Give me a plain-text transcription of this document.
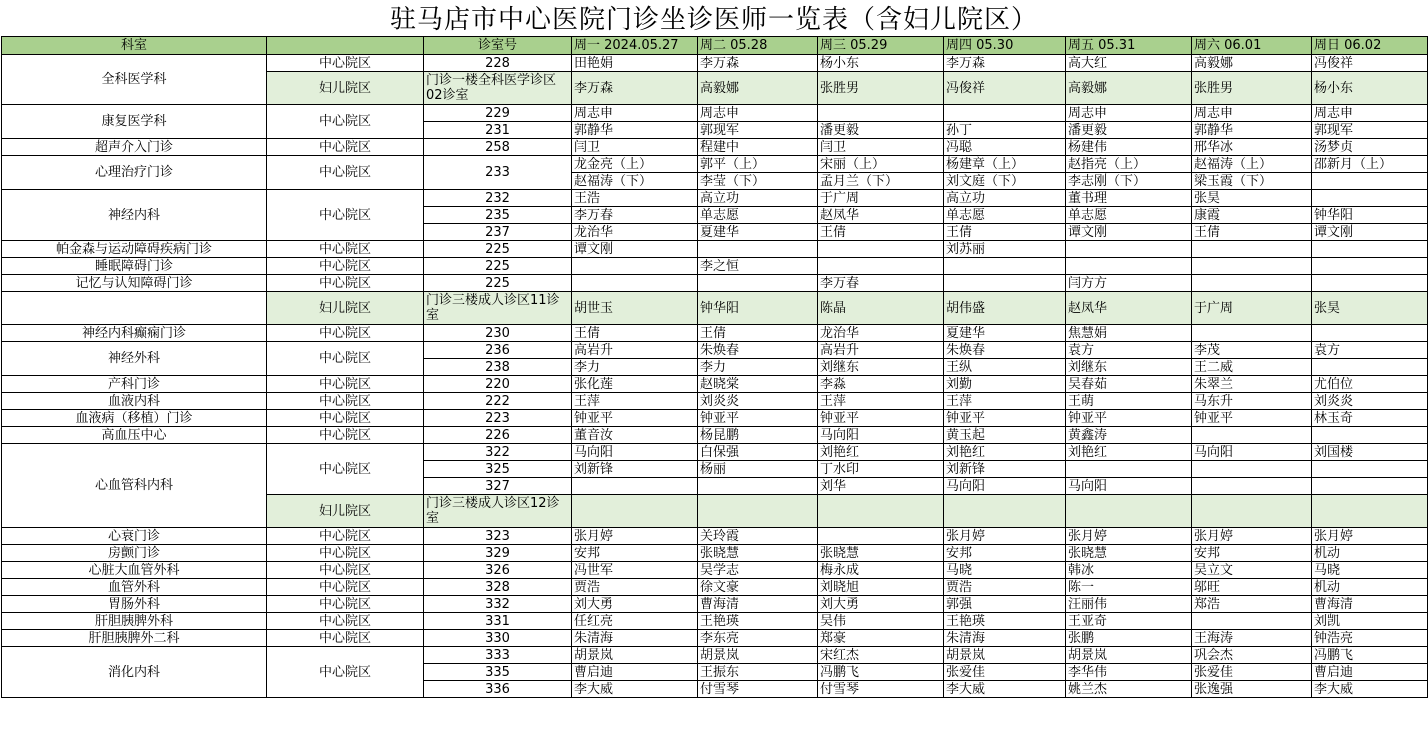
驻马店市中心医院门诊坐诊医师一览表（含妇儿院区）
科室		诊室号	周一 2024.05.27	周二 05.28	周三 05.29	周四 05.30	周五 05.31	周六 06.01	周日 06.02
全科医学科	中心院区	228	田艳娟	李万森	杨小东	李万森	高大红	高毅娜	冯俊祥
	妇儿院区	门诊一楼全科医学诊区02诊室	李万森	高毅娜	张胜男	冯俊祥	高毅娜	张胜男	杨小东
康复医学科	中心院区	229	周志申	周志申			周志申	周志申	周志申
		231	郭静华	郭现军	潘更毅	孙丁	潘更毅	郭静华	郭现军
超声介入门诊	中心院区	258	闫卫	程建中	闫卫	冯聪	杨建伟	邢华冰	汤梦贞
心理治疗门诊	中心院区	233	龙金亮（上）	郭平（上）	宋丽（上）	杨建章（上）	赵指亮（上）	赵福涛（上）	邵新月（上）
			赵福涛（下）	李莹（下）	孟月兰（下）	刘文庭（下）	李志刚（下）	梁玉霞（下）	
神经内科	中心院区	232	王浩	高立功	于广周	高立功	董书理	张昊	
		235	李万春	单志愿	赵凤华	单志愿	单志愿	康霞	钟华阳
		237	龙治华	夏建华	王倩	王倩	谭文刚	王倩	谭文刚
帕金森与运动障碍疾病门诊	中心院区	225	谭文刚			刘苏丽			
睡眠障碍门诊	中心院区	225		李之恒					
记忆与认知障碍门诊	中心院区	225			李万春		闫方方		
	妇儿院区	门诊三楼成人诊区11诊室	胡世玉	钟华阳	陈晶	胡伟盛	赵凤华	于广周	张昊
神经内科癫痫门诊	中心院区	230	王倩	王倩	龙治华	夏建华	焦慧娟		
神经外科	中心院区	236	高岩升	朱焕春	高岩升	朱焕春	袁方	李茂	袁方
		238	李力	李力	刘继东	王纵	刘继东	王二威	
产科门诊	中心院区	220	张化莲	赵晓棠	李淼	刘勤	吴春茹	朱翠兰	尤伯位
血液内科	中心院区	222	王萍	刘炎炎	王萍	王萍	王萌	马东升	刘炎炎
血液病（移植）门诊	中心院区	223	钟亚平	钟亚平	钟亚平	钟亚平	钟亚平	钟亚平	林玉奇
高血压中心	中心院区	226	董音汝	杨昆鹏	马向阳	黄玉起	黄鑫涛		
心血管科内科	中心院区	322	马向阳	白保强	刘艳红	刘艳红	刘艳红	马向阳	刘国楼
		325	刘新锋	杨丽	丁水印	刘新锋			
		327			刘华	马向阳	马向阳		
	妇儿院区	门诊三楼成人诊区12诊室							
心衰门诊	中心院区	323	张月婷	关玲霞		张月婷	张月婷	张月婷	张月婷
房颤门诊	中心院区	329	安邦	张晓慧	张晓慧	安邦	张晓慧	安邦	机动
心脏大血管外科	中心院区	326	冯世军	吴学志	梅永成	马晓	韩冰	吴立文	马晓
血管外科	中心院区	328	贾浩	徐文豪	刘晓旭	贾浩	陈一	邬旺	机动
胃肠外科	中心院区	332	刘大勇	曹海清	刘大勇	郭强	汪丽伟	郑浩	曹海清
肝胆胰脾外科	中心院区	331	任红亮	王艳瑛	吴伟	王艳瑛	王亚奇		刘凯
肝胆胰脾外二科	中心院区	330	朱清海	李东亮	郑豪	朱清海	张鹏	王海涛	钟浩亮
消化内科	中心院区	333	胡景岚	胡景岚	宋红杰	胡景岚	胡景岚	巩会杰	冯鹏飞
		335	曹启迪	王振东	冯鹏飞	张爱佳	李华伟	张爱佳	曹启迪
		336	李大威	付雪琴	付雪琴	李大威	姚兰杰	张逸强	李大威
